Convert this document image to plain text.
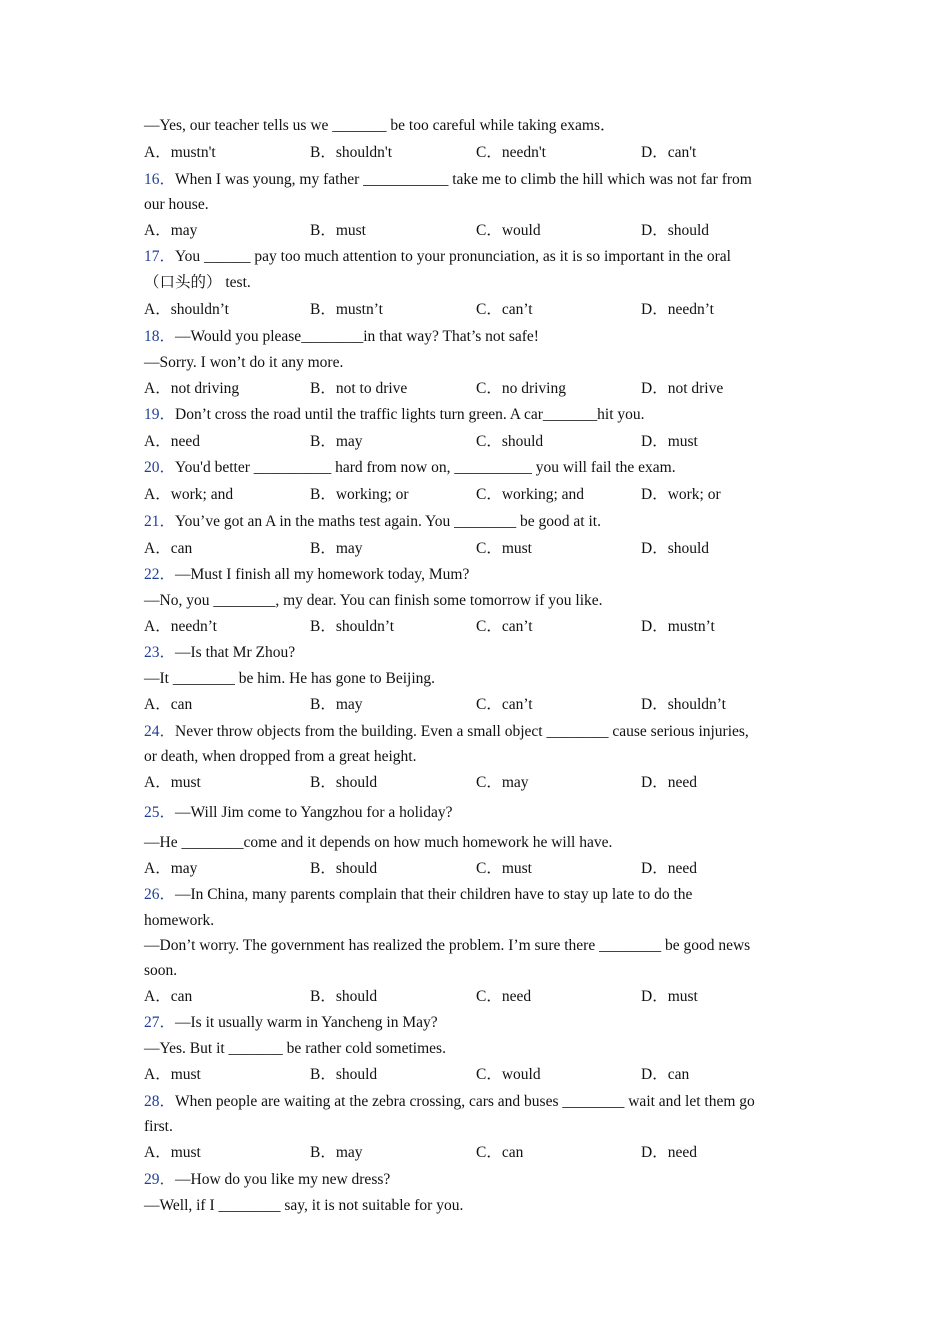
—Yes, our teacher tells us we _______ be too careful while taking exams．
A．mustn't	B．shouldn't	C．needn't	D．can't
16．When I was young, my father ___________ take me to climb the hill which was not far from
our house.
A．may	B．must	C．would	D．should
17．You ______ pay too much attention to your pronunciation, as it is so important in the oral
（口头的） test.
A．shouldn’t	B．mustn’t	C．can’t	D．needn’t
18．—Would you please________in that way? That’s not safe!
—Sorry. I won’t do it any more.
A．not driving	B．not to drive	C．no driving	D．not drive
19．Don’t cross the road until the traffic lights turn green. A car_______hit you.
A．need	B．may	C．should	D．must
20．You'd better __________ hard from now on, __________ you will fail the exam.
A．work; and	B．working; or	C．working; and	D．work; or
21．You’ve got an A in the maths test again. You ________ be good at it.
A．can	B．may	C．must	D．should
22．—Must I finish all my homework today, Mum?
—No, you ________, my dear. You can finish some tomorrow if you like.
A．needn’t	B．shouldn’t	C．can’t	D．mustn’t
23．—Is that Mr Zhou?
—It ________ be him. He has gone to Beijing.
A．can	B．may	C．can’t	D．shouldn’t
24．Never throw objects from the building. Even a small object ________ cause serious injuries,
or death, when dropped from a great height.
A．must	B．should	C．may	D．need
25．—Will Jim come to Yangzhou for a holiday?
—He ________come and it depends on how much homework he will have.
A．may	B．should	C．must	D．need
26．—In China, many parents complain that their children have to stay up late to do the
homework.
—Don’t worry. The government has realized the problem. I’m sure there ________ be good news
soon.
A．can	B．should	C．need	D．must
27．—Is it usually warm in Yancheng in May?
—Yes. But it _______ be rather cold sometimes.
A．must	B．should	C．would	D．can
28．When people are waiting at the zebra crossing, cars and buses ________ wait and let them go
first.
A．must	B．may	C．can	D．need
29．—How do you like my new dress?
—Well, if I ________ say, it is not suitable for you.
